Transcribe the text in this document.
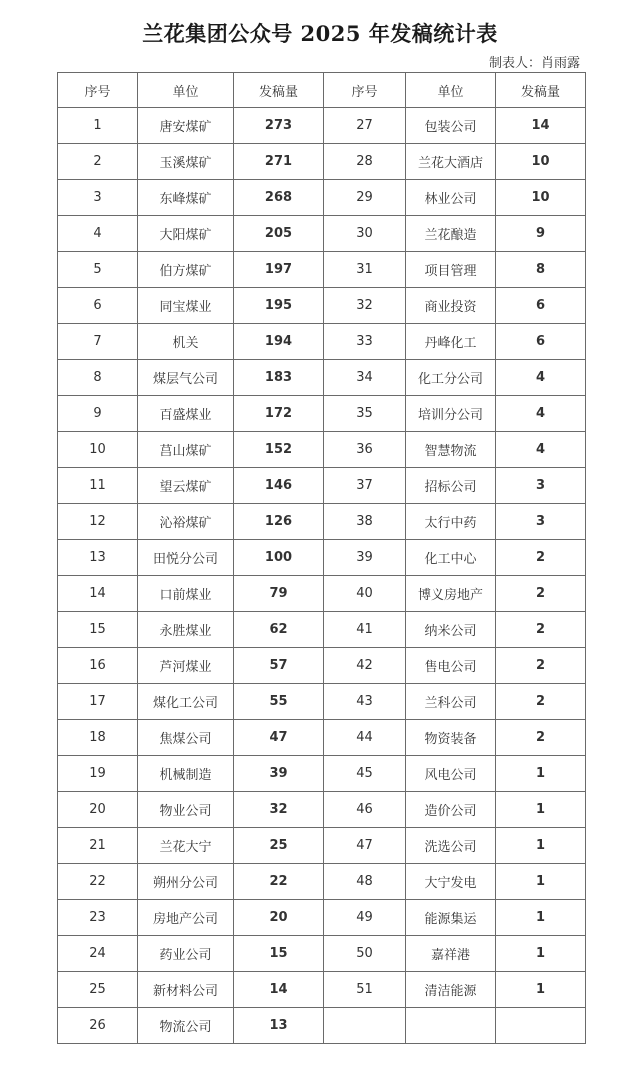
兰花集团公众号 2025 年发稿统计表
制表人：肖雨露
序号	单位	发稿量	序号	单位	发稿量
1	唐安煤矿	273	27	包装公司	14
2	玉溪煤矿	271	28	兰花大酒店	10
3	东峰煤矿	268	29	林业公司	10
4	大阳煤矿	205	30	兰花酿造	9
5	伯方煤矿	197	31	项目管理	8
6	同宝煤业	195	32	商业投资	6
7	机关	194	33	丹峰化工	6
8	煤层气公司	183	34	化工分公司	4
9	百盛煤业	172	35	培训分公司	4
10	莒山煤矿	152	36	智慧物流	4
11	望云煤矿	146	37	招标公司	3
12	沁裕煤矿	126	38	太行中药	3
13	田悦分公司	100	39	化工中心	2
14	口前煤业	79	40	博义房地产	2
15	永胜煤业	62	41	纳米公司	2
16	芦河煤业	57	42	售电公司	2
17	煤化工公司	55	43	兰科公司	2
18	焦煤公司	47	44	物资装备	2
19	机械制造	39	45	风电公司	1
20	物业公司	32	46	造价公司	1
21	兰花大宁	25	47	洗选公司	1
22	朔州分公司	22	48	大宁发电	1
23	房地产公司	20	49	能源集运	1
24	药业公司	15	50	嘉祥港	1
25	新材料公司	14	51	清洁能源	1
26	物流公司	13			
